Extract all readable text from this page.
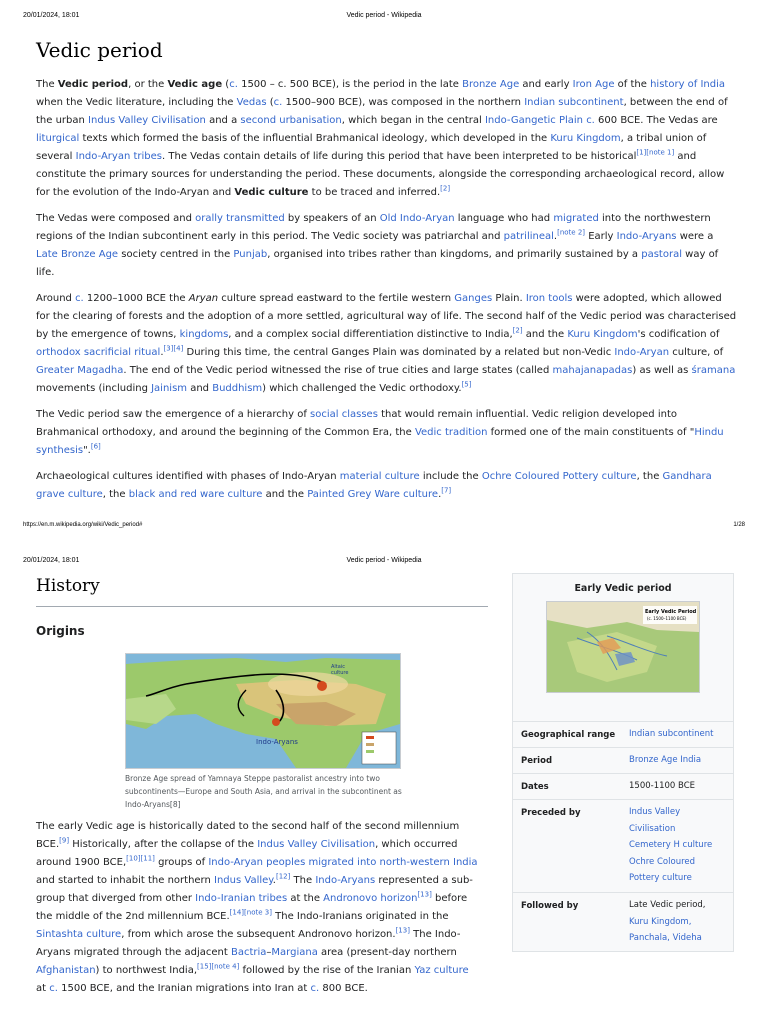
20/01/2024, 18:01	Vedic period - Wikipedia
Vedic period

The Vedic period, or the Vedic age (c. 1500 – c. 500 BCE), is the period in the late Bronze Age and early Iron Age of the history of India when the Vedic literature, including the Vedas (c. 1500–900 BCE), was composed in the northern Indian subcontinent, between the end of the urban Indus Valley Civilisation and a second urbanisation, which began in the central Indo-Gangetic Plain c. 600 BCE. The Vedas are liturgical texts which formed the basis of the influential Brahmanical ideology, which developed in the Kuru Kingdom, a tribal union of several Indo-Aryan tribes. The Vedas contain details of life during this period that have been interpreted to be historical[1][note 1] and constitute the primary sources for understanding the period. These documents, alongside the corresponding archaeological record, allow for the evolution of the Indo-Aryan and Vedic culture to be traced and inferred.[2]

The Vedas were composed and orally transmitted by speakers of an Old Indo-Aryan language who had migrated into the northwestern regions of the Indian subcontinent early in this period. The Vedic society was patriarchal and patrilineal.[note 2] Early Indo-Aryans were a Late Bronze Age society centred in the Punjab, organised into tribes rather than kingdoms, and primarily sustained by a pastoral way of life.

Around c. 1200–1000 BCE the Aryan culture spread eastward to the fertile western Ganges Plain. Iron tools were adopted, which allowed for the clearing of forests and the adoption of a more settled, agricultural way of life. The second half of the Vedic period was characterised by the emergence of towns, kingdoms, and a complex social differentiation distinctive to India,[2] and the Kuru Kingdom's codification of orthodox sacrificial ritual.[3][4] During this time, the central Ganges Plain was dominated by a related but non-Vedic Indo-Aryan culture, of Greater Magadha. The end of the Vedic period witnessed the rise of true cities and large states (called mahajanapadas) as well as śramana movements (including Jainism and Buddhism) which challenged the Vedic orthodoxy.[5]

The Vedic period saw the emergence of a hierarchy of social classes that would remain influential. Vedic religion developed into Brahmanical orthodoxy, and around the beginning of the Common Era, the Vedic tradition formed one of the main constituents of "Hindu synthesis".[6]

Archaeological cultures identified with phases of Indo-Aryan material culture include the Ochre Coloured Pottery culture, the Gandhara grave culture, the black and red ware culture and the Painted Grey Ware culture.[7]

https://en.m.wikipedia.org/wiki/Vedic_period#	1/28
20/01/2024, 18:01	Vedic period - Wikipedia
History
Origins
Altaic
culture
Indo-Aryans
Bronze Age spread of Yamnaya Steppe pastoralist ancestry into two subcontinents—Europe and South Asia, and arrival in the subcontinent as Indo-Aryans[8]

The early Vedic age is historically dated to the second half of the second millennium BCE.[9] Historically, after the collapse of the Indus Valley Civilisation, which occurred around 1900 BCE,[10][11] groups of Indo-Aryan peoples migrated into north-western India and started to inhabit the northern Indus Valley.[12] The Indo-Aryans represented a sub-group that diverged from other Indo-Iranian tribes at the Andronovo horizon[13] before the middle of the 2nd millennium BCE.[14][note 3] The Indo-Iranians originated in the Sintashta culture, from which arose the subsequent Andronovo horizon.[13] The Indo-Aryans migrated through the adjacent Bactria–Margiana area (present-day northern Afghanistan) to northwest India,[15][note 4] followed by the rise of the Iranian Yaz culture at c. 1500 BCE, and the Iranian migrations into Iran at c. 800 BCE.

Early Vedic period
Early Vedic Period
(c. 1500–1100 BCE)
Geographical range Indian subcontinent
Period	Bronze Age India
Dates	1500-1100 BCE
Preceded by	Indus Valley
Civilisation
Cemetery H culture
Ochre Coloured
Pottery culture
Followed by	Late Vedic period,
Kuru Kingdom,
Panchala, Videha
